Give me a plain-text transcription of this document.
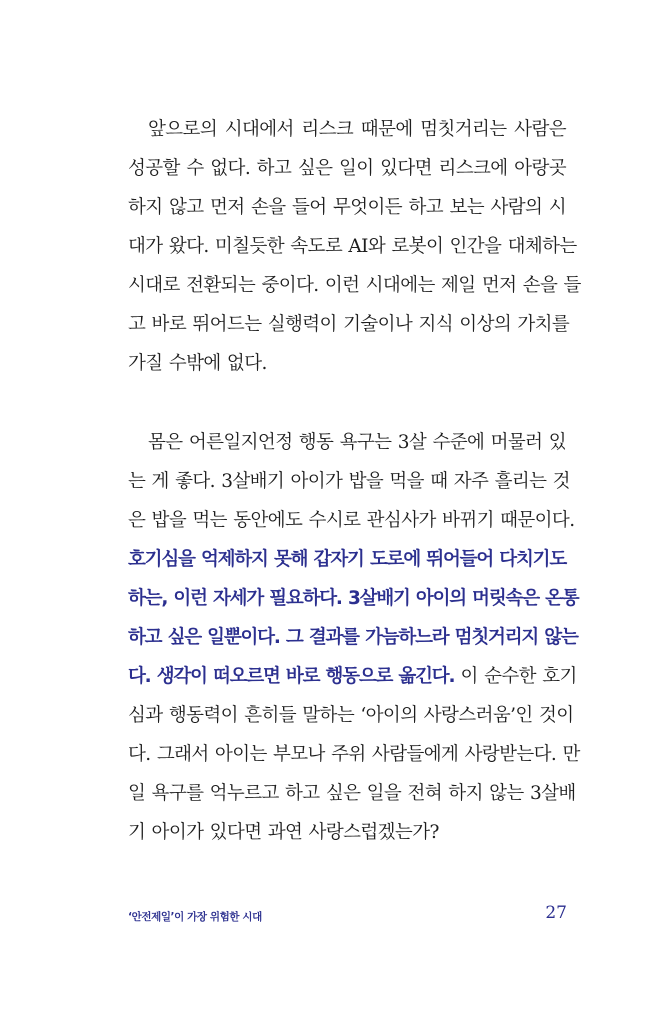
앞으로의 시대에서 리스크 때문에 멈칫거리는 사람은
성공할 수 없다. 하고 싶은 일이 있다면 리스크에 아랑곳
하지 않고 먼저 손을 들어 무엇이든 하고 보는 사람의 시
대가 왔다. 미칠듯한 속도로 AI와 로봇이 인간을 대체하는
시대로 전환되는 중이다. 이런 시대에는 제일 먼저 손을 들
고 바로 뛰어드는 실행력이 기술이나 지식 이상의 가치를
가질 수밖에 없다.
몸은 어른일지언정 행동 욕구는 3살 수준에 머물러 있
는 게 좋다. 3살배기 아이가 밥을 먹을 때 자주 흘리는 것
은 밥을 먹는 동안에도 수시로 관심사가 바뀌기 때문이다.
호기심을 억제하지 못해 갑자기 도로에 뛰어들어 다치기도
하는, 이런 자세가 필요하다. 3살배기 아이의 머릿속은 온통
하고 싶은 일뿐이다. 그 결과를 가늠하느라 멈칫거리지 않는
다. 생각이 떠오르면 바로 행동으로 옮긴다. 이 순수한 호기
심과 행동력이 흔히들 말하는 ‘아이의 사랑스러움’인 것이
다. 그래서 아이는 부모나 주위 사람들에게 사랑받는다. 만
일 욕구를 억누르고 하고 싶은 일을 전혀 하지 않는 3살배
기 아이가 있다면 과연 사랑스럽겠는가?
‘안전제일’이 가장 위험한 시대	27
